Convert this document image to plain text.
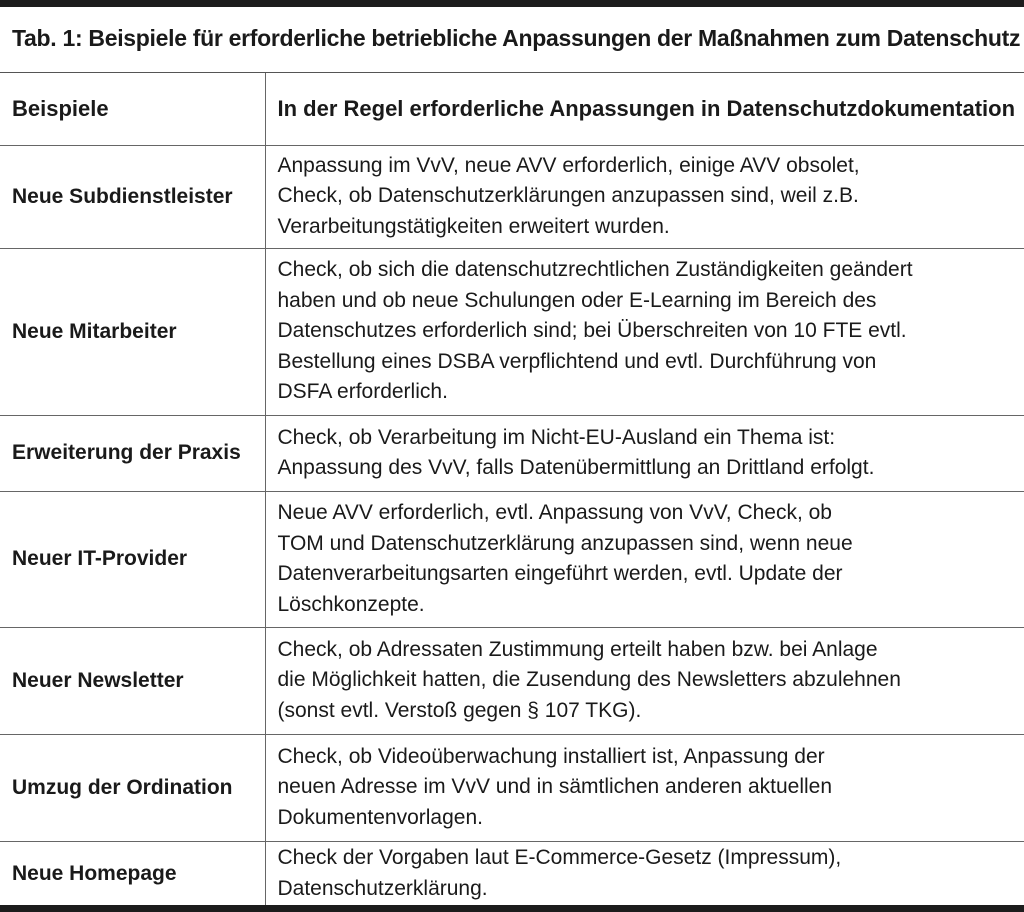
Tab. 1: Beispiele für erforderliche betriebliche Anpassungen der Maßnahmen zum Datenschutz
Beispiele	In der Regel erforderliche Anpassungen in Datenschutzdokumentation
Neue Subdienstleister	Anpassung im VvV, neue AVV erforderlich, einige AVV obsolet,
Check, ob Datenschutzerklärungen anzupassen sind, weil z.B.
Verarbeitungstätigkeiten erweitert wurden.
Neue Mitarbeiter	Check, ob sich die datenschutzrechtlichen Zuständigkeiten geändert
haben und ob neue Schulungen oder E-Learning im Bereich des
Datenschutzes erforderlich sind; bei Überschreiten von 10 FTE evtl.
Bestellung eines DSBA verpflichtend und evtl. Durchführung von
DSFA erforderlich.
Erweiterung der Praxis	Check, ob Verarbeitung im Nicht-EU-Ausland ein Thema ist:
Anpassung des VvV, falls Datenübermittlung an Drittland erfolgt.
Neuer IT-Provider	Neue AVV erforderlich, evtl. Anpassung von VvV, Check, ob
TOM und Datenschutzerklärung anzupassen sind, wenn neue
Datenverarbeitungsarten eingeführt werden, evtl. Update der
Löschkonzepte.
Neuer Newsletter	Check, ob Adressaten Zustimmung erteilt haben bzw. bei Anlage
die Möglichkeit hatten, die Zusendung des Newsletters abzulehnen
(sonst evtl. Verstoß gegen § 107 TKG).
Umzug der Ordination	Check, ob Videoüberwachung installiert ist, Anpassung der
neuen Adresse im VvV und in sämtlichen anderen aktuellen
Dokumentenvorlagen.
Neue Homepage	Check der Vorgaben laut E-Commerce-Gesetz (Impressum),
Datenschutzerklärung.
